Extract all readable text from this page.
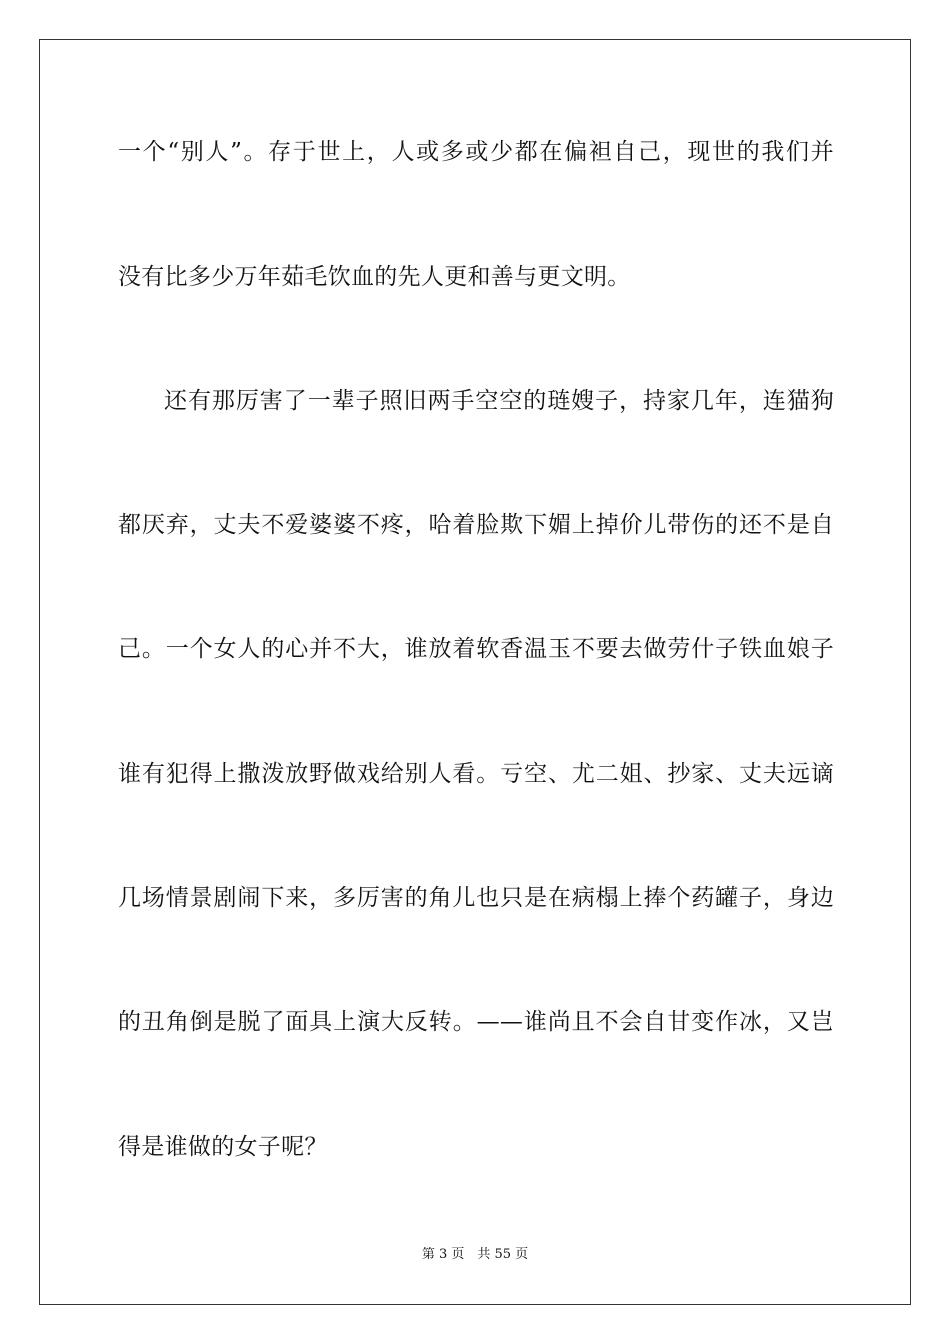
一个“别人”。存于世上，人或多或少都在偏袒自己，现世的我们并
没有比多少万年茹毛饮血的先人更和善与更文明。
还有那厉害了一辈子照旧两手空空的琏嫂子，持家几年，连猫狗
都厌弃，丈夫不爱婆婆不疼，哈着脸欺下媚上掉价儿带伤的还不是自
己。一个女人的心并不大，谁放着软香温玉不要去做劳什子铁血娘子
谁有犯得上撒泼放野做戏给别人看。亏空、尤二姐、抄家、丈夫远谪
几场情景剧闹下来，多厉害的角儿也只是在病榻上捧个药罐子，身边
的丑角倒是脱了面具上演大反转。——谁尚且不会自甘变作冰，又岂
得是谁做的女子呢？
第 3 页　共 55 页
